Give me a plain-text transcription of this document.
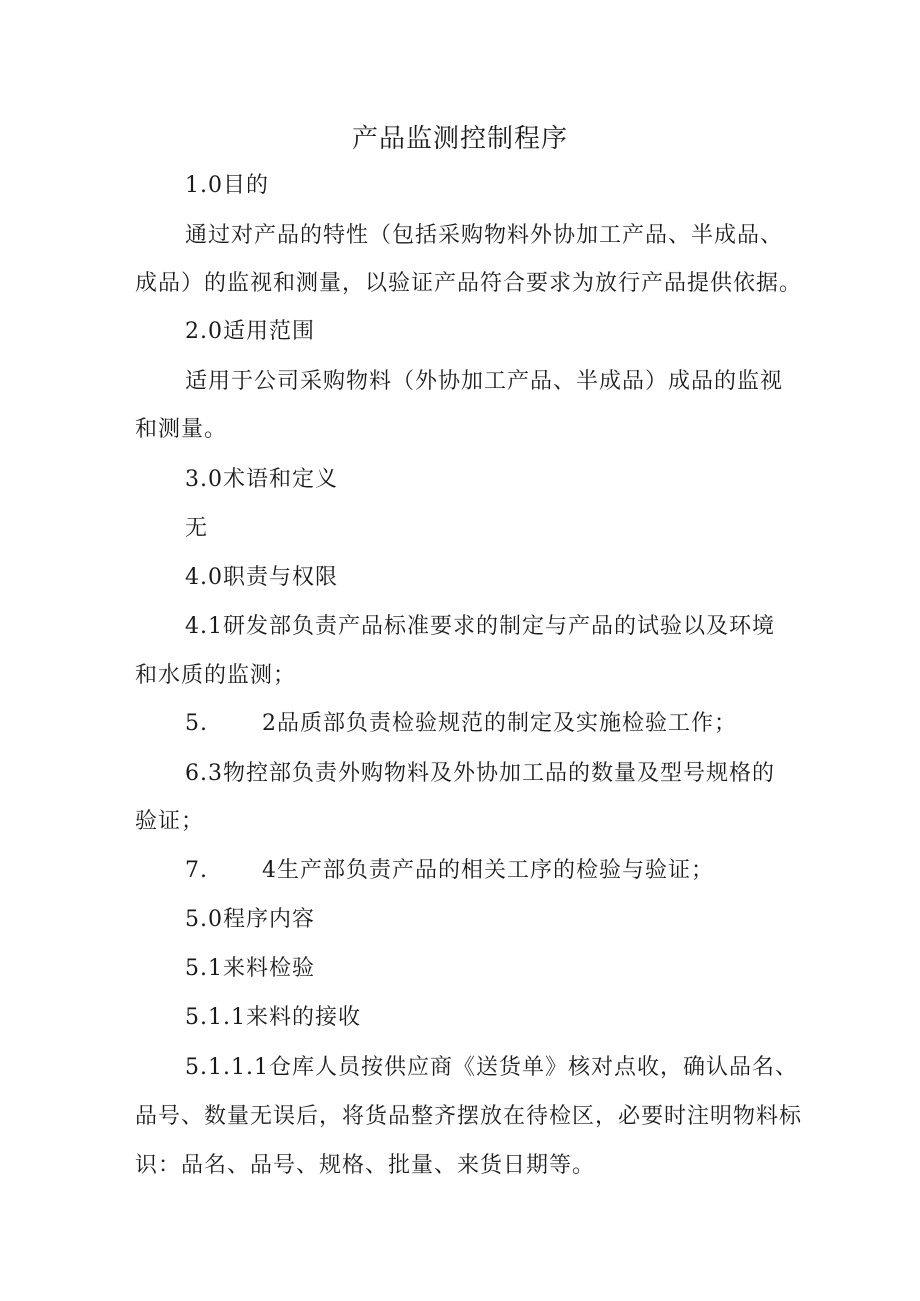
产品监测控制程序
1.0目的
通过对产品的特性（包括采购物料外协加工产品、半成品、
成品）的监视和测量，以验证产品符合要求为放行产品提供依据。
2.0适用范围
适用于公司采购物料（外协加工产品、半成品）成品的监视
和测量。
3.0术语和定义
无
4.0职责与权限
4.1研发部负责产品标准要求的制定与产品的试验以及环境
和水质的监测；
5. 2品质部负责检验规范的制定及实施检验工作；
6.3物控部负责外购物料及外协加工品的数量及型号规格的
验证；
7. 4生产部负责产品的相关工序的检验与验证；
5.0程序内容
5.1来料检验
5.1.1来料的接收
5.1.1.1仓库人员按供应商《送货单》核对点收，确认品名、
品号、数量无误后，将货品整齐摆放在待检区，必要时注明物料标
识：品名、品号、规格、批量、来货日期等。
